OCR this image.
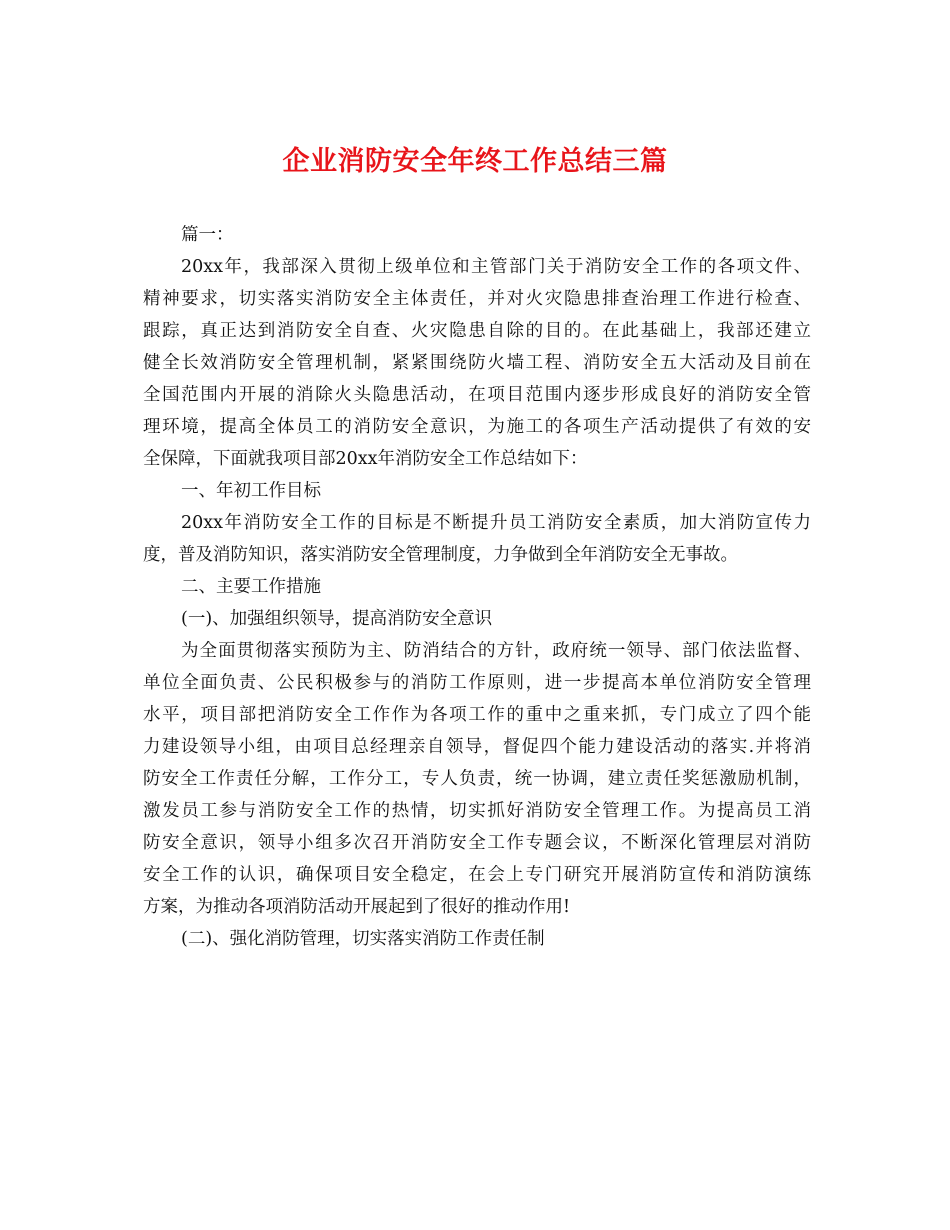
企业消防安全年终工作总结三篇
篇一：
20xx年，我部深入贯彻上级单位和主管部门关于消防安全工作的各项文件、
精神要求，切实落实消防安全主体责任，并对火灾隐患排查治理工作进行检查、
跟踪，真正达到消防安全自查、火灾隐患自除的目的。在此基础上，我部还建立
健全长效消防安全管理机制，紧紧围绕防火墙工程、消防安全五大活动及目前在
全国范围内开展的消除火头隐患活动，在项目范围内逐步形成良好的消防安全管
理环境，提高全体员工的消防安全意识，为施工的各项生产活动提供了有效的安
全保障，下面就我项目部20xx年消防安全工作总结如下：
一、年初工作目标
20xx年消防安全工作的目标是不断提升员工消防安全素质，加大消防宣传力
度，普及消防知识，落实消防安全管理制度，力争做到全年消防安全无事故。
二、主要工作措施
(一)、加强组织领导，提高消防安全意识
为全面贯彻落实预防为主、防消结合的方针，政府统一领导、部门依法监督、
单位全面负责、公民积极参与的消防工作原则，进一步提高本单位消防安全管理
水平，项目部把消防安全工作作为各项工作的重中之重来抓，专门成立了四个能
力建设领导小组，由项目总经理亲自领导，督促四个能力建设活动的落实.并将消
防安全工作责任分解，工作分工，专人负责，统一协调，建立责任奖惩激励机制，
激发员工参与消防安全工作的热情，切实抓好消防安全管理工作。为提高员工消
防安全意识，领导小组多次召开消防安全工作专题会议，不断深化管理层对消防
安全工作的认识，确保项目安全稳定，在会上专门研究开展消防宣传和消防演练
方案，为推动各项消防活动开展起到了很好的推动作用!
(二)、强化消防管理，切实落实消防工作责任制
